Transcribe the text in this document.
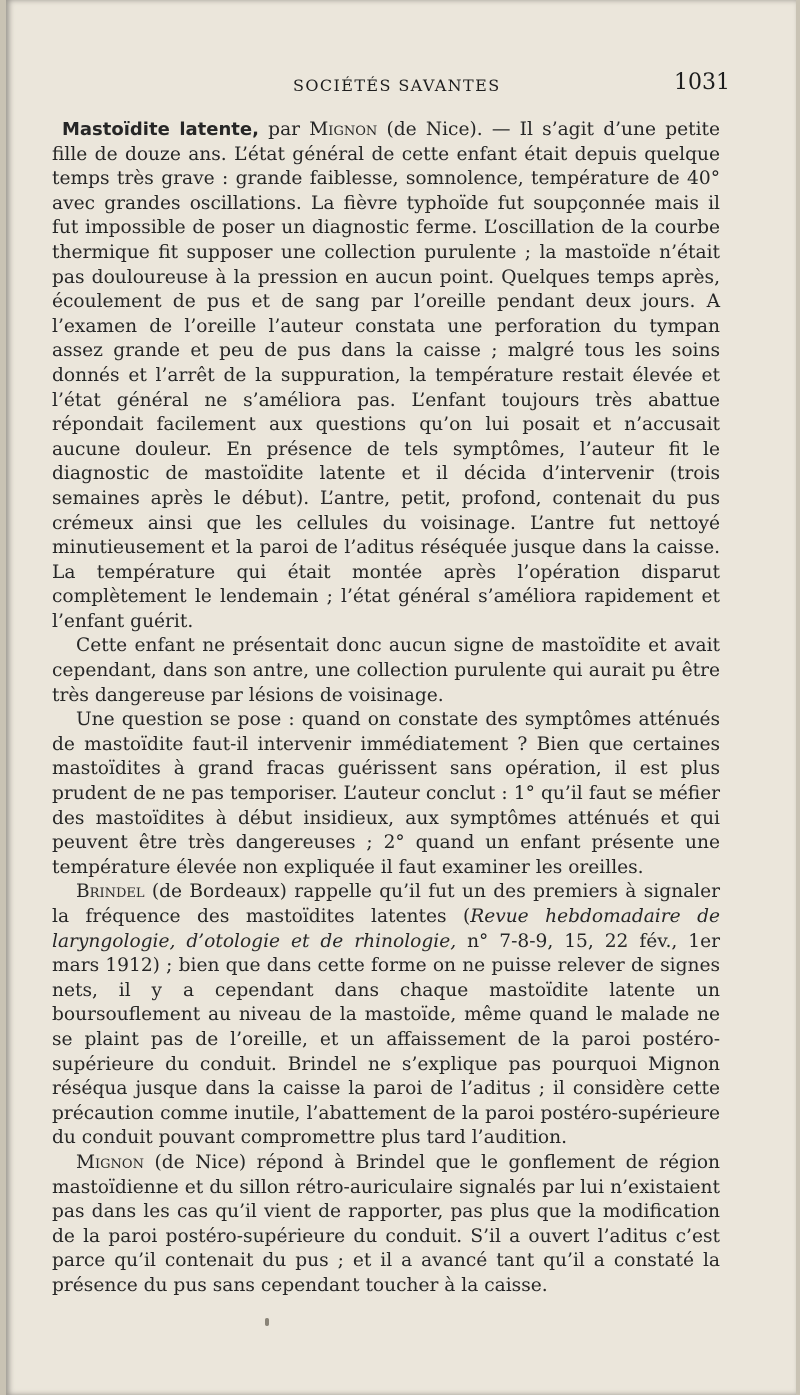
SOCIÉTÉS SAVANTES	1031

Mastoïdite latente, par Mignon (de Nice). — Il s’agit d’une petite fille de douze ans. L’état général de cette enfant était depuis quelque temps très grave : grande faiblesse, somnolence, température de 40° avec grandes oscillations. La fièvre typhoïde fut soupçonnée mais il fut impossible de poser un diagnostic ferme. L’oscillation de la courbe thermique fit supposer une collection purulente ; la mastoïde n’était pas douloureuse à la pression en aucun point. Quelques temps après, écoulement de pus et de sang par l’oreille pendant deux jours. A l’examen de l’oreille l’auteur constata une perforation du tympan assez grande et peu de pus dans la caisse ; malgré tous les soins donnés et l’arrêt de la suppuration, la température restait élevée et l’état général ne s’améliora pas. L’enfant toujours très abattue répondait facilement aux questions qu’on lui posait et n’accusait aucune douleur. En présence de tels symptômes, l’auteur fit le diagnostic de mastoïdite latente et il décida d’intervenir (trois semaines après le début). L’antre, petit, profond, contenait du pus crémeux ainsi que les cellules du voisinage. L’antre fut nettoyé minutieusement et la paroi de l’aditus réséquée jusque dans la caisse. La température qui était montée après l’opération disparut complètement le lendemain ; l’état général s’améliora rapidement et l’enfant guérit.

Cette enfant ne présentait donc aucun signe de mastoïdite et avait cependant, dans son antre, une collection purulente qui aurait pu être très dangereuse par lésions de voisinage.

Une question se pose : quand on constate des symptômes atténués de mastoïdite faut-il intervenir immédiatement ? Bien que certaines mastoïdites à grand fracas guérissent sans opération, il est plus prudent de ne pas temporiser. L’auteur conclut : 1° qu’il faut se méfier des mastoïdites à début insidieux, aux symptômes atténués et qui peuvent être très dangereuses ; 2° quand un enfant présente une température élevée non expliquée il faut examiner les oreilles.

Brindel (de Bordeaux) rappelle qu’il fut un des premiers à signaler la fréquence des mastoïdites latentes (Revue hebdomadaire de laryngologie, d’otologie et de rhinologie, n° 7-8-9, 15, 22 fév., 1er mars 1912) ; bien que dans cette forme on ne puisse relever de signes nets, il y a cependant dans chaque mastoïdite latente un boursouflement au niveau de la mastoïde, même quand le malade ne se plaint pas de l’oreille, et un affaissement de la paroi postéro-supérieure du conduit. Brindel ne s’explique pas pourquoi Mignon réséqua jusque dans la caisse la paroi de l’aditus ; il considère cette précaution comme inutile, l’abattement de la paroi postéro-supérieure du conduit pouvant compromettre plus tard l’audition.

Mignon (de Nice) répond à Brindel que le gonflement de région mastoïdienne et du sillon rétro-auriculaire signalés par lui n’existaient pas dans les cas qu’il vient de rapporter, pas plus que la modification de la paroi postéro-supérieure du conduit. S’il a ouvert l’aditus c’est parce qu’il contenait du pus ; et il a avancé tant qu’il a constaté la présence du pus sans cependant toucher à la caisse.
